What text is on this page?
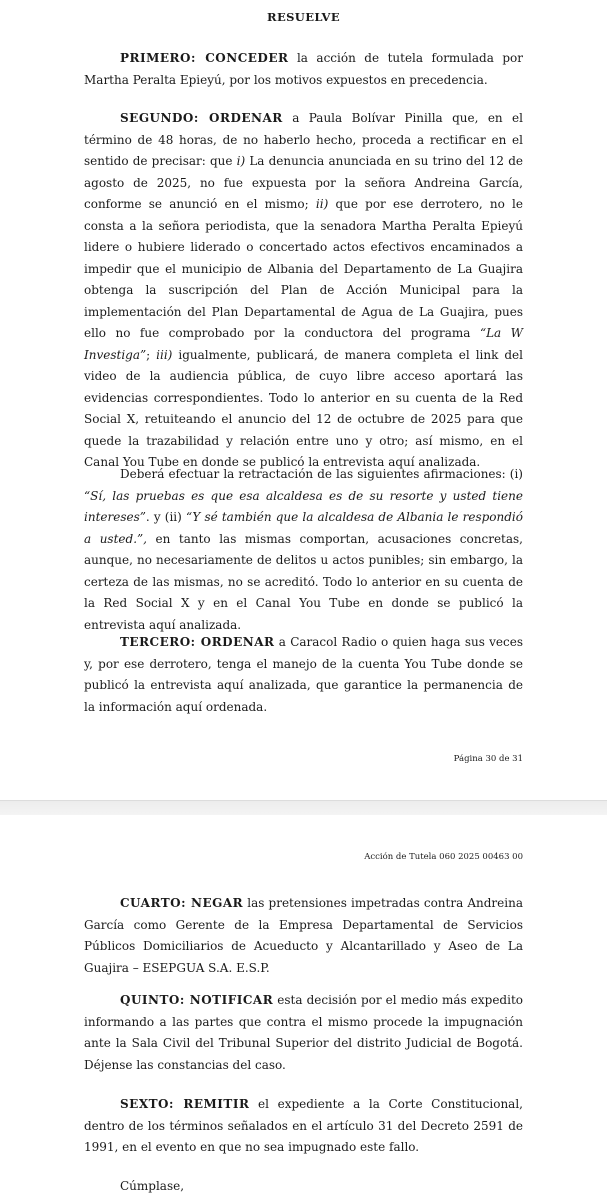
RESUELVE

PRIMERO: CONCEDER la acción de tutela formulada por Martha Peralta Epieyú, por los motivos expuestos en precedencia.

SEGUNDO: ORDENAR a Paula Bolívar Pinilla que, en el término de 48 horas, de no haberlo hecho, proceda a rectificar en el sentido de precisar: que i) La denuncia anunciada en su trino del 12 de agosto de 2025, no fue expuesta por la señora Andreina García, conforme se anunció en el mismo; ii) que por ese derrotero, no le consta a la señora periodista, que la senadora Martha Peralta Epieyú lidere o hubiere liderado o concertado actos efectivos encaminados a impedir que el municipio de Albania del Departamento de La Guajira obtenga la suscripción del Plan de Acción Municipal para la implementación del Plan Departamental de Agua de La Guajira, pues ello no fue comprobado por la conductora del programa “La W Investiga”; iii) igualmente, publicará, de manera completa el link del video de la audiencia pública, de cuyo libre acceso aportará las evidencias correspondientes. Todo lo anterior en su cuenta de la Red Social X, retuiteando el anuncio del 12 de octubre de 2025 para que quede la trazabilidad y relación entre uno y otro; así mismo, en el Canal You Tube en donde se publicó la entrevista aquí analizada.

Deberá efectuar la retractación de las siguientes afirmaciones: (i) “Sí, las pruebas es que esa alcaldesa es de su resorte y usted tiene intereses”. y (ii) “Y sé también que la alcaldesa de Albania le respondió a usted.”, en tanto las mismas comportan, acusaciones concretas, aunque, no necesariamente de delitos u actos punibles; sin embargo, la certeza de las mismas, no se acreditó. Todo lo anterior en su cuenta de la Red Social X y en el Canal You Tube en donde se publicó la entrevista aquí analizada.

TERCERO: ORDENAR a Caracol Radio o quien haga sus veces y, por ese derrotero, tenga el manejo de la cuenta You Tube donde se publicó la entrevista aquí analizada, que garantice la permanencia de la información aquí ordenada.

Página 30 de 31
Acción de Tutela 060 2025 00463 00

CUARTO: NEGAR las pretensiones impetradas contra Andreina García como Gerente de la Empresa Departamental de Servicios Públicos Domiciliarios de Acueducto y Alcantarillado y Aseo de La Guajira – ESEPGUA S.A. E.S.P.

QUINTO: NOTIFICAR esta decisión por el medio más expedito informando a las partes que contra el mismo procede la impugnación ante la Sala Civil del Tribunal Superior del distrito Judicial de Bogotá. Déjense las constancias del caso.

SEXTO: REMITIR el expediente a la Corte Constitucional, dentro de los términos señalados en el artículo 31 del Decreto 2591 de 1991, en el evento en que no sea impugnado este fallo.

Cúmplase,
